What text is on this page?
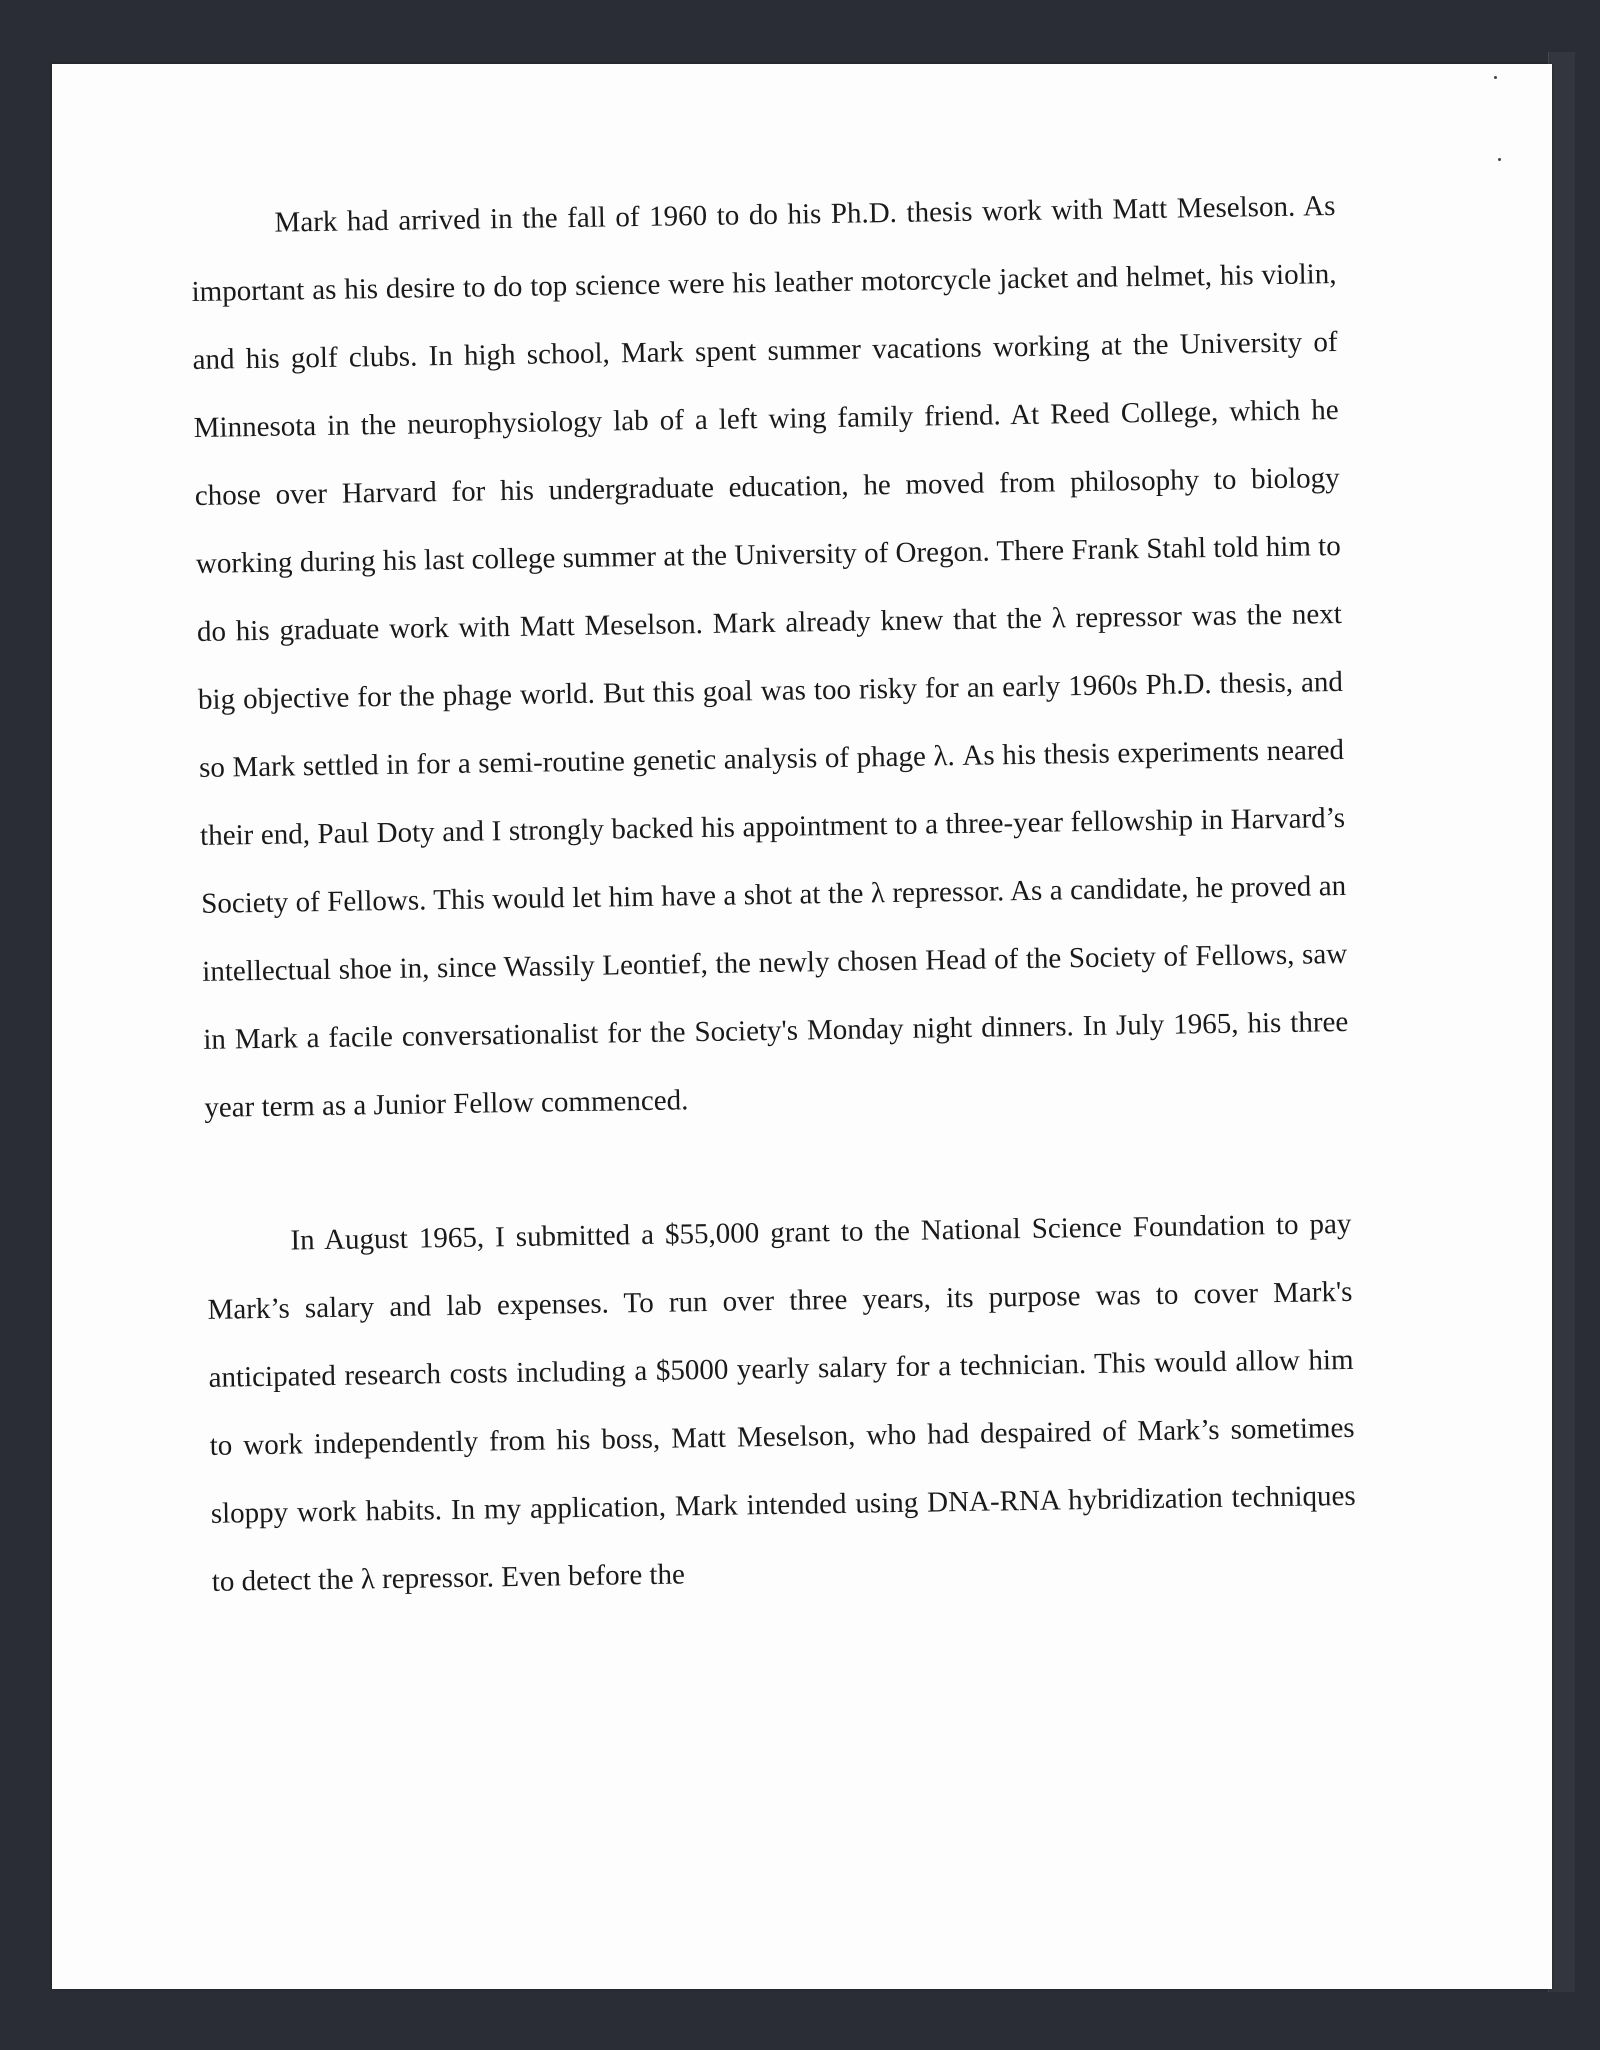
Mark had arrived in the fall of 1960 to do his Ph.D. thesis work with Matt Meselson. As important as his desire to do top science were his leather motorcycle jacket and helmet, his violin, and his golf clubs. In high school, Mark spent summer vacations working at the University of Minnesota in the neurophysiology lab of a left wing family friend. At Reed College, which he chose over Harvard for his undergraduate education, he moved from philosophy to biology working during his last college summer at the University of Oregon. There Frank Stahl told him to do his graduate work with Matt Meselson. Mark already knew that the λ repressor was the next big objective for the phage world. But this goal was too risky for an early 1960s Ph.D. thesis, and so Mark settled in for a semi-routine genetic analysis of phage λ. As his thesis experiments neared their end, Paul Doty and I strongly backed his appointment to a three-year fellowship in Harvard’s Society of Fellows. This would let him have a shot at the λ repressor. As a candidate, he proved an intellectual shoe in, since Wassily Leontief, the newly chosen Head of the Society of Fellows, saw in Mark a facile conversationalist for the Society's Monday night dinners. In July 1965, his three year term as a Junior Fellow commenced.

In August 1965, I submitted a $55,000 grant to the National Science Foundation to pay Mark’s salary and lab expenses. To run over three years, its purpose was to cover Mark's anticipated research costs including a $5000 yearly salary for a technician. This would allow him to work independently from his boss, Matt Meselson, who had despaired of Mark’s sometimes sloppy work habits. In my application, Mark intended using DNA-RNA hybridization techniques to detect the λ repressor. Even before the
